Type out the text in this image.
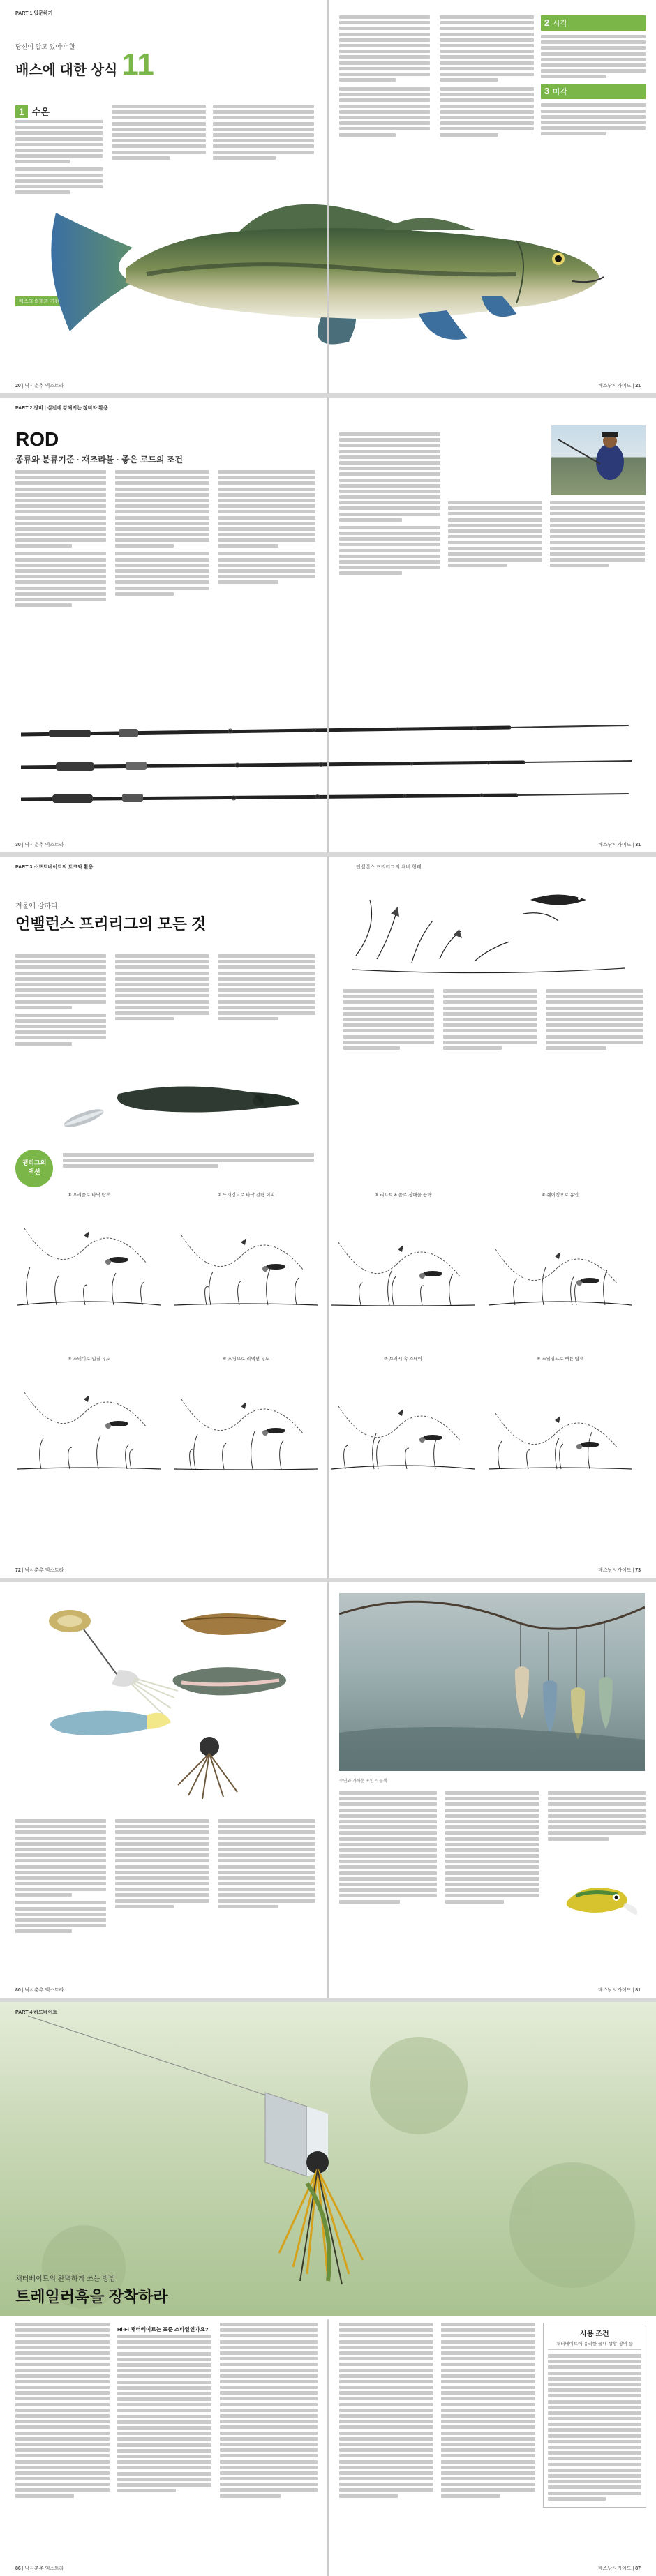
PART 1 입문하기
당신이 알고 있어야 할
배스에 대한 상식 11
1 수온
배스의 외형과 기관
20 | 낚시춘추 엑스트라
2 시각
3 미각
배스낚시가이드 | 21
PART 2 장비 | 실전에 강해지는 장비와 활용
ROD
종류와 분류기준 · 재조라볼 · 좋은 로드의 조건
30 | 낚시춘추 엑스트라	배스낚시가이드 | 31
PART 3 소프트베이트의 토크와 활용
겨울에 강하다
언밸런스 프리리그의 모든 것
챙리그의
액션
72 | 낚시춘추 엑스트라
언밸런스 프리리그의 채비 형태
배스낚시가이드 | 73
① 프리폴로 바닥 탐색	② 드래깅으로 바닥 걸림 회피	③ 리프트 & 폴로 장애물 공략	④ 쉐이킹으로 유인
⑤ 스테이로 입질 유도	⑥ 호핑으로 리액션 유도	⑦ 브러시 속 스테이	⑧ 스위밍으로 빠른 탐색
80 | 낚시춘추 엑스트라
수면과 가까운 포인트 물색
배스낚시가이드 | 81
PART 4 하드베이트
채터베이트의 완벽하게 쓰는 방법
트레일러훅을 장착하라
Hi-Fi 채터베이트는 표준 스타일인가요?
86 | 낚시춘추 엑스트라
사용 조건
채터베이트에 유리한 물때·상황·장비 등
배스낚시가이드 | 87
